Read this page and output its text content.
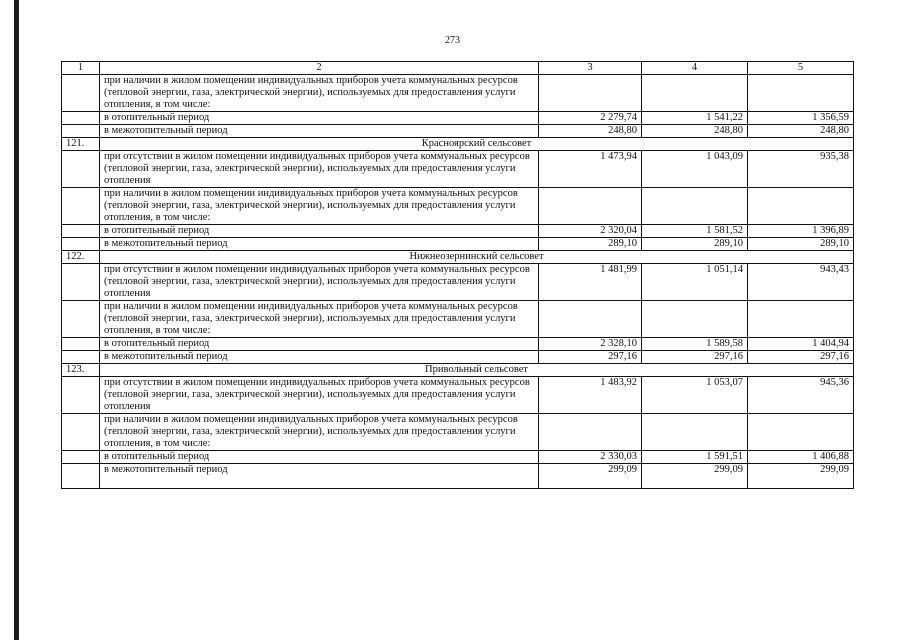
273
1	2	3	4	5
	при наличии в жилом помещении индивидуальных приборов учета коммунальных ресурсов (тепловой энергии, газа, электрической энергии), используемых для предоставления услуги отопления, в том числе:			
	в отопительный период	2 279,74	1 541,22	1 356,59
	в межотопительный период	248,80	248,80	248,80
121.	Красноярский сельсовет			
	при отсутствии в жилом помещении индивидуальных приборов учета коммунальных ресурсов (тепловой энергии, газа, электрической энергии), используемых для предоставления услуги отопления	1 473,94	1 043,09	935,38
	при наличии в жилом помещении индивидуальных приборов учета коммунальных ресурсов (тепловой энергии, газа, электрической энергии), используемых для предоставления услуги отопления, в том числе:			
	в отопительный период	2 320,04	1 581,52	1 396,89
	в межотопительный период	289,10	289,10	289,10
122.	Нижнеозернинский сельсовет			
	при отсутствии в жилом помещении индивидуальных приборов учета коммунальных ресурсов (тепловой энергии, газа, электрической энергии), используемых для предоставления услуги отопления	1 481,99	1 051,14	943,43
	при наличии в жилом помещении индивидуальных приборов учета коммунальных ресурсов (тепловой энергии, газа, электрической энергии), используемых для предоставления услуги отопления, в том числе:			
	в отопительный период	2 328,10	1 589,58	1 404,94
	в межотопительный период	297,16	297,16	297,16
123.	Привольный сельсовет			
	при отсутствии в жилом помещении индивидуальных приборов учета коммунальных ресурсов (тепловой энергии, газа, электрической энергии), используемых для предоставления услуги отопления	1 483,92	1 053,07	945,36
	при наличии в жилом помещении индивидуальных приборов учета коммунальных ресурсов (тепловой энергии, газа, электрической энергии), используемых для предоставления услуги отопления, в том числе:			
	в отопительный период	2 330,03	1 591,51	1 406,88
	в межотопительный период	299,09	299,09	299,09
